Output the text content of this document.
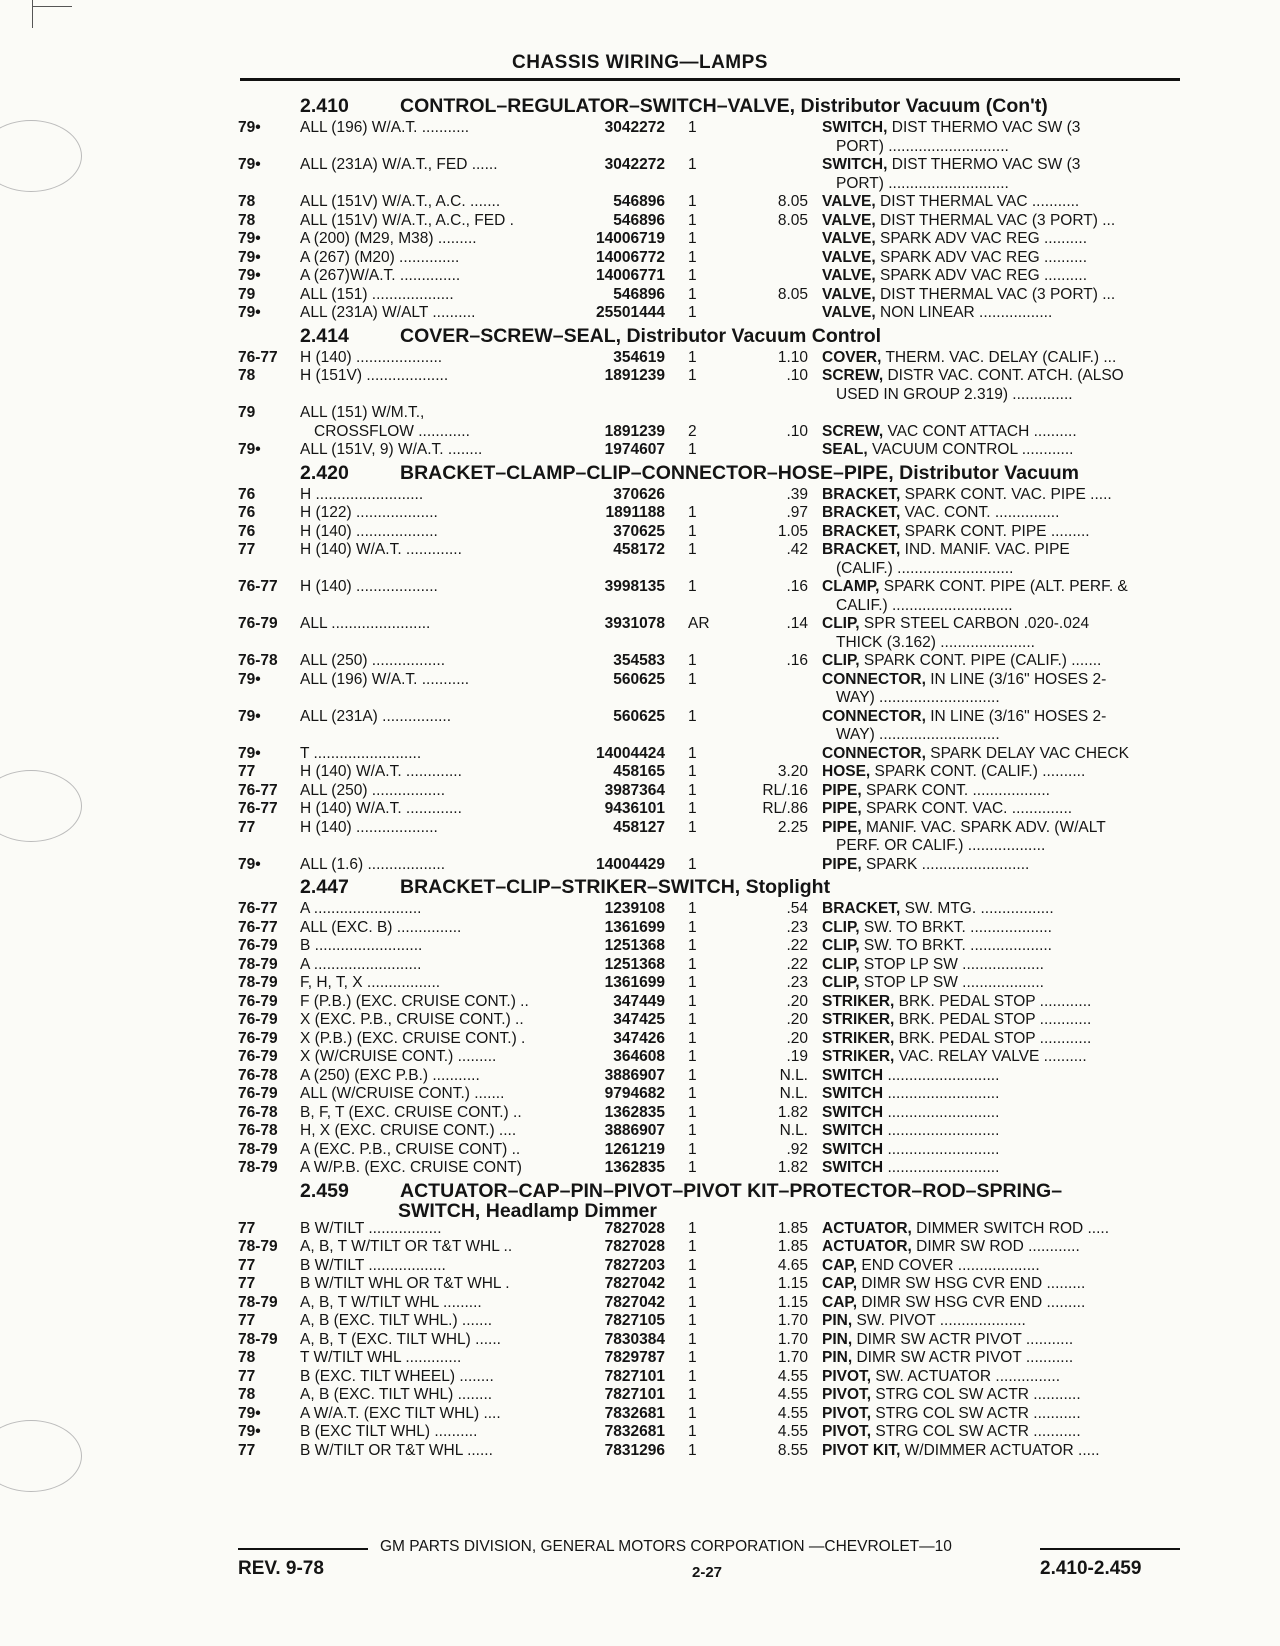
CHASSIS WIRING—LAMPS
2.410	CONTROL–REGULATOR–SWITCH–VALVE, Distributor Vacuum (Con't)
79•	ALL (196) W/A.T. ...........	3042272 1	SWITCH, DIST THERMO VAC SW (3
PORT) ............................
79•	ALL (231A) W/A.T., FED ......	3042272 1	SWITCH, DIST THERMO VAC SW (3
PORT) ............................
78	ALL (151V) W/A.T., A.C. .......	546896 1	8.05 VALVE, DIST THERMAL VAC ...........
78	ALL (151V) W/A.T., A.C., FED .	546896 1	8.05 VALVE, DIST THERMAL VAC (3 PORT) ...
79•	A (200) (M29, M38) .........	14006719 1	VALVE, SPARK ADV VAC REG ..........
79•	A (267) (M20) ..............	14006772 1	VALVE, SPARK ADV VAC REG ..........
79•	A (267)W/A.T. ..............	14006771 1	VALVE, SPARK ADV VAC REG ..........
79	ALL (151) ...................	546896 1	8.05 VALVE, DIST THERMAL VAC (3 PORT) ...
79•	ALL (231A) W/ALT ..........	25501444 1	VALVE, NON LINEAR .................
2.414	COVER–SCREW–SEAL, Distributor Vacuum Control
76-77 H (140) ....................	354619 1	1.10 COVER, THERM. VAC. DELAY (CALIF.) ...
78	H (151V) ...................	1891239 1	.10 SCREW, DISTR VAC. CONT. ATCH. (ALSO
USED IN GROUP 2.319) ..............
79	ALL (151) W/M.T.,
CROSSFLOW ............	1891239 2	.10 SCREW, VAC CONT ATTACH ..........
79•	ALL (151V, 9) W/A.T. ........	1974607 1	SEAL, VACUUM CONTROL ............
2.420	BRACKET–CLAMP–CLIP–CONNECTOR–HOSE–PIPE, Distributor Vacuum
76	H .........................	370626	.39 BRACKET, SPARK CONT. VAC. PIPE .....
76	H (122) ...................	1891188 1	.97 BRACKET, VAC. CONT. ...............
76	H (140) ...................	370625 1	1.05 BRACKET, SPARK CONT. PIPE .........
77	H (140) W/A.T. .............	458172 1	.42 BRACKET, IND. MANIF. VAC. PIPE
(CALIF.) ...........................
76-77 H (140) ...................	3998135 1	.16 CLAMP, SPARK CONT. PIPE (ALT. PERF. &
CALIF.) ............................
76-79 ALL .......................	3931078 AR	.14 CLIP, SPR STEEL CARBON .020-.024
THICK (3.162) ......................
76-78 ALL (250) .................	354583 1	.16 CLIP, SPARK CONT. PIPE (CALIF.) .......
79•	ALL (196) W/A.T. ...........	560625 1	CONNECTOR, IN LINE (3/16" HOSES 2-
WAY) ............................
79•	ALL (231A) ................	560625 1	CONNECTOR, IN LINE (3/16" HOSES 2-
WAY) ............................
79•	T .........................	14004424 1	CONNECTOR, SPARK DELAY VAC CHECK
77	H (140) W/A.T. .............	458165 1	3.20 HOSE, SPARK CONT. (CALIF.) ..........
76-77 ALL (250) .................	3987364 1	RL/.16 PIPE, SPARK CONT. ..................
76-77 H (140) W/A.T. .............	9436101 1	RL/.86 PIPE, SPARK CONT. VAC. ..............
77	H (140) ...................	458127 1	2.25 PIPE, MANIF. VAC. SPARK ADV. (W/ALT
PERF. OR CALIF.) ..................
79•	ALL (1.6) ..................	14004429 1	PIPE, SPARK .........................
2.447	BRACKET–CLIP–STRIKER–SWITCH, Stoplight
76-77 A .........................	1239108 1	.54 BRACKET, SW. MTG. .................
76-77 ALL (EXC. B) ...............	1361699 1	.23 CLIP, SW. TO BRKT. ...................
76-79 B .........................	1251368 1	.22 CLIP, SW. TO BRKT. ...................
78-79 A .........................	1251368 1	.22 CLIP, STOP LP SW ...................
78-79 F, H, T, X .................	1361699 1	.23 CLIP, STOP LP SW ...................
76-79 F (P.B.) (EXC. CRUISE CONT.) ..	347449 1	.20 STRIKER, BRK. PEDAL STOP ............
76-79 X (EXC. P.B., CRUISE CONT.) ..	347425 1	.20 STRIKER, BRK. PEDAL STOP ............
76-79 X (P.B.) (EXC. CRUISE CONT.) .	347426 1	.20 STRIKER, BRK. PEDAL STOP ............
76-79 X (W/CRUISE CONT.) .........	364608 1	.19 STRIKER, VAC. RELAY VALVE ..........
76-78 A (250) (EXC P.B.) ...........	3886907 1	N.L. SWITCH ..........................
76-79 ALL (W/CRUISE CONT.) .......	9794682 1	N.L. SWITCH ..........................
76-78 B, F, T (EXC. CRUISE CONT.) ..	1362835 1	1.82 SWITCH ..........................
76-78 H, X (EXC. CRUISE CONT.) ....	3886907 1	N.L. SWITCH ..........................
78-79 A (EXC. P.B., CRUISE CONT) ..	1261219 1	.92 SWITCH ..........................
78-79 A W/P.B. (EXC. CRUISE CONT)	1362835 1	1.82 SWITCH ..........................
2.459	ACTUATOR–CAP–PIN–PIVOT–PIVOT KIT–PROTECTOR–ROD–SPRING–
SWITCH, Headlamp Dimmer
77	B W/TILT .................	7827028 1	1.85 ACTUATOR, DIMMER SWITCH ROD .....
78-79 A, B, T W/TILT OR T&T WHL ..	7827028 1	1.85 ACTUATOR, DIMR SW ROD ............
77	B W/TILT ..................	7827203 1	4.65 CAP, END COVER ...................
77	B W/TILT WHL OR T&T WHL .	7827042 1	1.15 CAP, DIMR SW HSG CVR END .........
78-79 A, B, T W/TILT WHL .........	7827042 1	1.15 CAP, DIMR SW HSG CVR END .........
77	A, B (EXC. TILT WHL.) .......	7827105 1	1.70 PIN, SW. PIVOT ....................
78-79 A, B, T (EXC. TILT WHL) ......	7830384 1	1.70 PIN, DIMR SW ACTR PIVOT ...........
78	T W/TILT WHL .............	7829787 1	1.70 PIN, DIMR SW ACTR PIVOT ...........
77	B (EXC. TILT WHEEL) ........	7827101 1	4.55 PIVOT, SW. ACTUATOR ...............
78	A, B (EXC. TILT WHL) ........	7827101 1	4.55 PIVOT, STRG COL SW ACTR ...........
79•	A W/A.T. (EXC TILT WHL) ....	7832681 1	4.55 PIVOT, STRG COL SW ACTR ...........
79•	B (EXC TILT WHL) ..........	7832681 1	4.55 PIVOT, STRG COL SW ACTR ...........
77	B W/TILT OR T&T WHL ......	7831296 1	8.55 PIVOT KIT, W/DIMMER ACTUATOR .....
GM PARTS DIVISION, GENERAL MOTORS CORPORATION —CHEVROLET—10
REV. 9-78	2-27	2.410-2.459
